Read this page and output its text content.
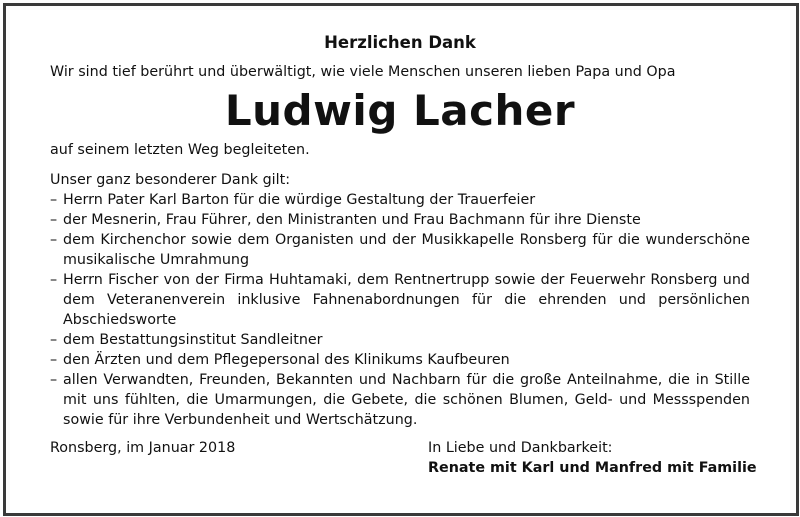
Herzlichen Dank

Wir sind tief berührt und überwältigt, wie viele Menschen unseren lieben Papa und Opa

Ludwig Lacher

auf seinem letzten Weg begleiteten.

Unser ganz besonderer Dank gilt:

– Herrn Pater Karl Barton für die würdige Gestaltung der Trauerfeier
– der Mesnerin, Frau Führer, den Ministranten und Frau Bachmann für ihre Dienste
– dem Kirchenchor sowie dem Organisten und der Musikkapelle Ronsberg für die wunderschöne musikalische Umrahmung
– Herrn Fischer von der Firma Huhtamaki, dem Rentnertrupp sowie der Feuerwehr Ronsberg und dem Veteranenverein inklusive Fahnenabordnungen für die ehrenden und persönlichen Abschiedsworte
– dem Bestattungsinstitut Sandleitner
– den Ärzten und dem Pflegepersonal des Klinikums Kaufbeuren
– allen Verwandten, Freunden, Bekannten und Nachbarn für die große Anteilnahme, die in Stille mit uns fühlten, die Umarmungen, die Gebete, die schönen Blumen, Geld- und Messspenden sowie für ihre Verbundenheit und Wertschätzung.
Ronsberg, im Januar 2018	In Liebe und Dankbarkeit:
Renate mit Karl und Manfred mit Familie
